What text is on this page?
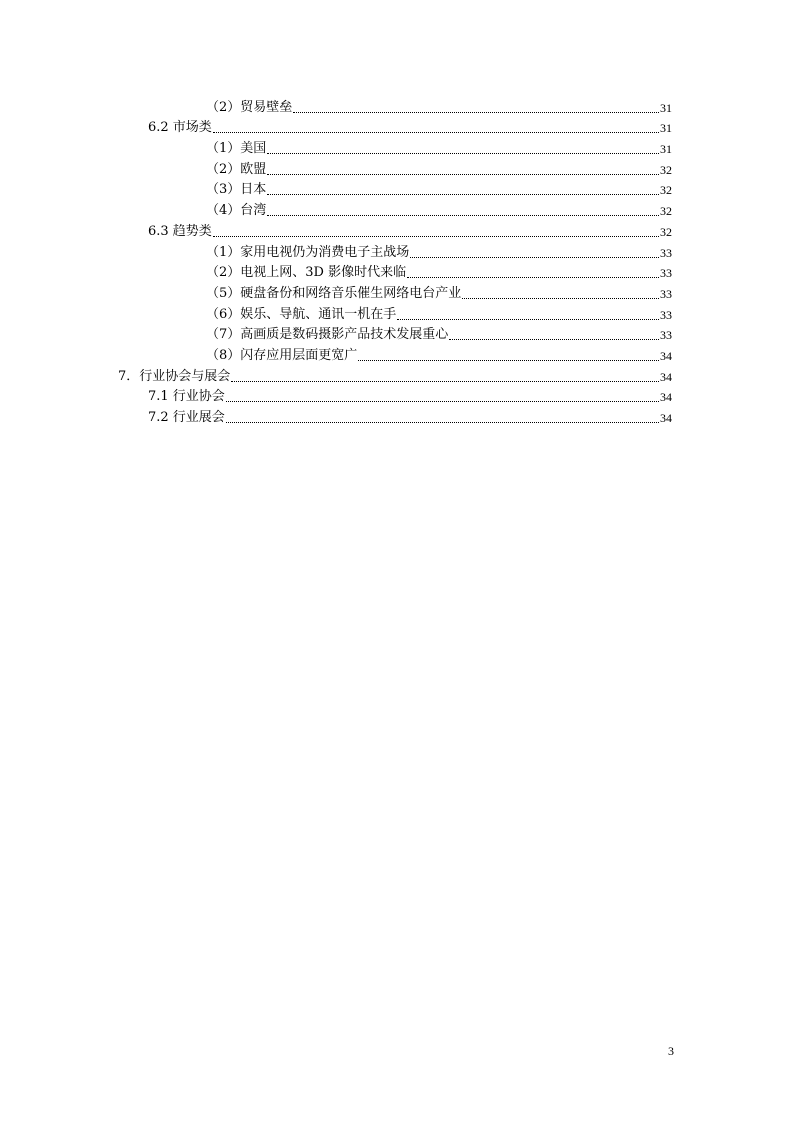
（2）贸易壁垒	31
6.2 市场类	31
（1）美国	31
（2）欧盟	32
（3）日本	32
（4）台湾	32
6.3 趋势类	32
（1）家用电视仍为消费电子主战场	33
（2）电视上网、3D 影像时代来临	33
（5）硬盘备份和网络音乐催生网络电台产业	33
（6）娱乐、导航、通讯一机在手	33
（7）高画质是数码摄影产品技术发展重心	33
（8）闪存应用层面更宽广	34
7．行业协会与展会	34
7.1 行业协会	34
7.2 行业展会	34
3
